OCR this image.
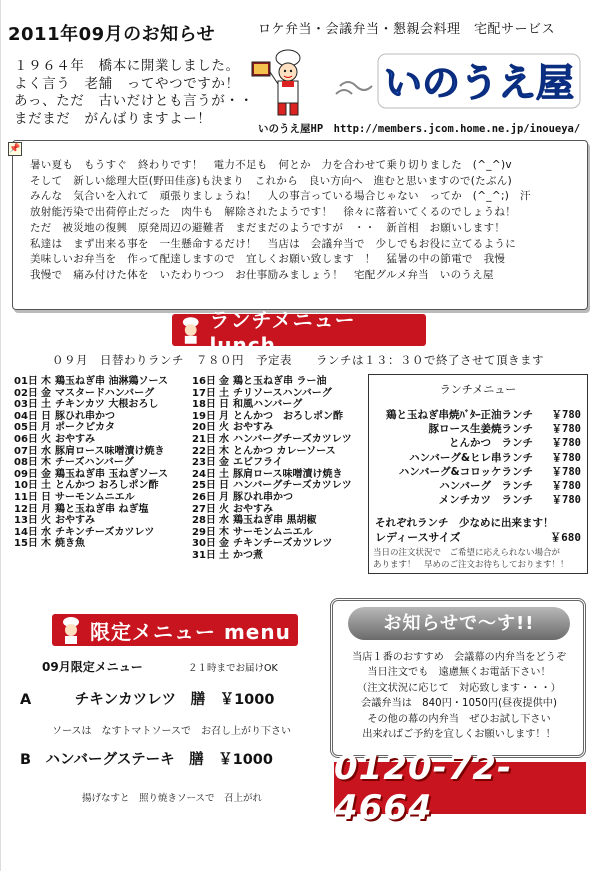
2011年09月のお知らせ	ロケ弁当・会議弁当・懇親会料理　宅配サービス
１９６４年　橋本に開業しました。
よく言う　老舗　ってやつですか！
あっ、ただ　古いだけとも言うが・・
まだまだ　がんばりますよー！
いのうえ屋
いのうえ屋HP　 http://members.jcom.home.ne.jp/inoueya/
📌
暑い夏も　もうすぐ　終わりです！　電力不足も　何とか　力を合わせて乗り切りました　(^_^)v
そして　新しい総理大臣(野田佳彦)も決まり　これから　良い方向へ　進むと思いますので(たぶん)
みんな　気合いを入れて　頑張りましょうね！　人の事言っている場合じゃない　ってか　(^_^;)　汗
放射能汚染で出荷停止だった　肉牛も　解除されたようです！　徐々に落着いてくるのでしょうね！
ただ　被災地の復興　原発周辺の避難者　まだまだのようですが　・・　新首相　お願いします！
私達は　まず出来る事を　一生懸命するだけ！　当店は　会議弁当で　少しでもお役に立てるように
美味しいお弁当を　作って配達しますので　宜しくお願い致します　！　猛暑の中の節電で　我慢
我慢で　痛み付けた体を　いたわりつつ　お仕事励みましょう！　宅配グルメ弁当　いのうえ屋
ランチメニュー lunch
０９月　日替わりランチ　７８０円　予定表　　ランチは１３：３０で終了させて頂きます
01日 木 鶏玉ねぎ串 油淋鶏ソース
02日 金 マスタードハンバーグ
03日 土 チキンカツ 大根おろし
04日 日 豚ひれ串かつ
05日 月 ポークピカタ
06日 火 おやすみ
07日 水 豚肩ロース味噌漬け焼き
08日 木 チーズハンバーグ
09日 金 鶏玉ねぎ串 玉ねぎソース
10日 土 とんかつ おろしポン酢
11日 日 サーモンムニエル
12日 月 鶏と玉ねぎ串 ねぎ塩
13日 火 おやすみ
14日 水 チキンチーズカツレツ
15日 木 焼き魚
16日 金 鶏と玉ねぎ串 ラー油
17日 土 チリソースハンバーグ
18日 日 和風ハンバーグ
19日 月 とんかつ　おろしポン酢
20日 火 おやすみ
21日 水 ハンバーグチーズカツレツ
22日 木 とんかつ カレーソース
23日 金 エビフライ
24日 土 豚肩ロース味噌漬け焼き
25日 日 ハンバーグチーズカツレツ
26日 月 豚ひれ串かつ
27日 火 おやすみ
28日 水 鶏玉ねぎ串 黒胡椒
29日 木 サーモンムニエル
30日 金 チキンチーズカツレツ
31日 土 かつ煮
ランチメニュー
鶏と玉ねぎ串焼ﾊﾞﾀｰ正油ランチ	￥780
豚ロース生姜焼ランチ	￥780
とんかつ　ランチ	￥780
ハンバーグ&ヒレ串ランチ	￥780
ハンバーグ&コロッケランチ	￥780
ハンバーグ　ランチ	￥780
メンチカツ　ランチ	￥780
それぞれランチ　少なめに出来ます！
レディースサイズ	￥680
当日の注文状況で　ご希望に応えられない場合が
あります！　早めのご注文お待ちしております！！
限定メニュー menu
09月限定メニュー	２１時までお届けOK
A　　　チキンカツレツ　膳　￥1000
ソースは　なすトマトソースで　お召し上がり下さい
B　ハンバーグステーキ　膳　￥1000
揚げなすと　照り焼きソースで　召上がれ
お知らせで～す!!
当店１番のおすすめ　会議幕の内弁当をどうぞ
当日注文でも　遠慮無くお電話下さい！
（注文状況に応じて　対応致します・・・）
会議弁当は　840円・1050円(昼夜提供中)
その他の幕の内弁当　ぜひお試し下さい
出来ればご予約を宜しくお願いします！！
0120-72-4664
